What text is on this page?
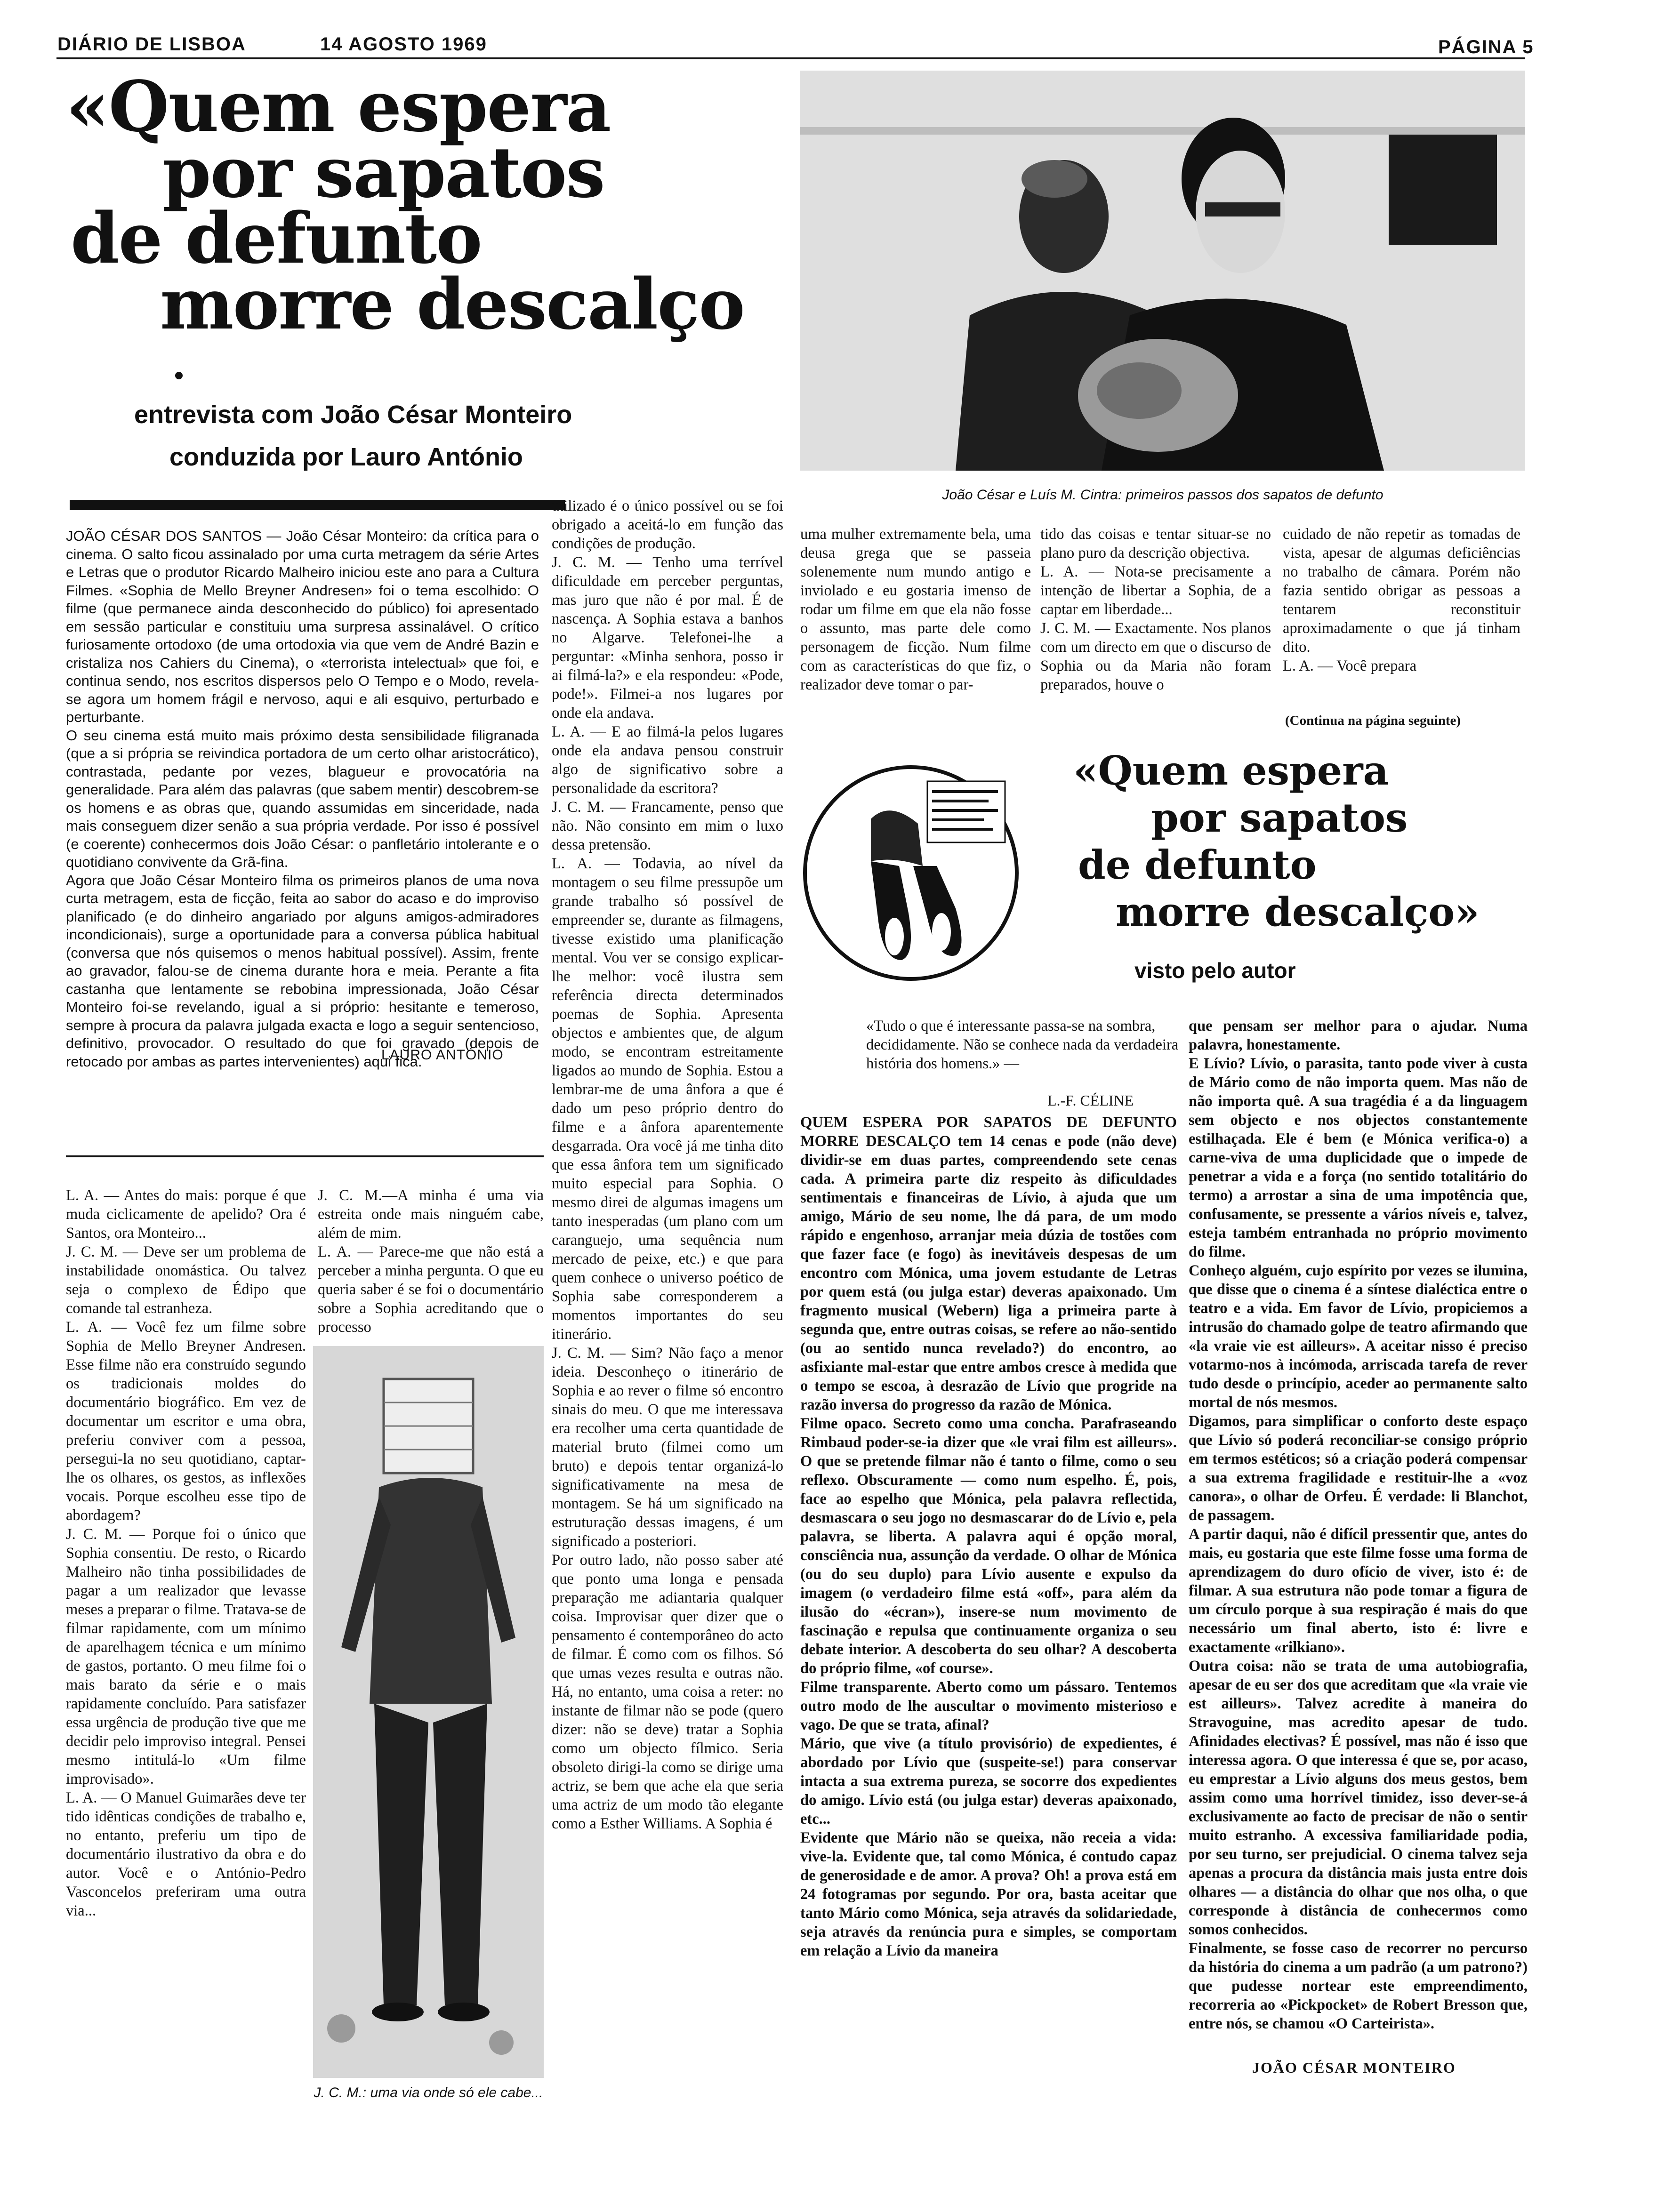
DIÁRIO DE LISBOA	14 AGOSTO 1969	PÁGINA 5
«Quem espera
por sapatos
de defunto
morre descalço
entrevista com João César Monteiro
conduzida por Lauro António
João César e Luís M. Cintra: primeiros passos dos sapatos de defunto
JOÃO CÉSAR DOS SANTOS — João César Monteiro: da crítica para o cinema. O salto ficou assinalado por uma curta metragem da série Artes e Letras que o produtor Ricardo Malheiro iniciou este ano para a Cultura Filmes. «Sophia de Mello Breyner Andresen» foi o tema escolhido: O filme (que permanece ainda desconhecido do público) foi apresentado em sessão particular e constituiu uma surpresa assinalável. O crítico furiosamente ortodoxo (de uma ortodoxia via que vem de André Bazin e cristaliza nos Cahiers du Cinema), o «terrorista intelectual» que foi, e continua sendo, nos escritos dispersos pelo O Tempo e o Modo, revela-se agora um homem frágil e nervoso, aqui e ali esquivo, perturbado e perturbante.
O seu cinema está muito mais próximo desta sensibilidade filigranada (que a si própria se reivindica portadora de um certo olhar aristocrático), contrastada, pedante por vezes, blagueur e provocatória na generalidade. Para além das palavras (que sabem mentir) descobrem-se os homens e as obras que, quando assumidas em sinceridade, nada mais conseguem dizer senão a sua própria verdade. Por isso é possível (e coerente) conhecermos dois João César: o panfletário intolerante e o quotidiano convivente da Grã-fina.
Agora que João César Monteiro filma os primeiros planos de uma nova curta metragem, esta de ficção, feita ao sabor do acaso e do improviso planificado (e do dinheiro angariado por alguns amigos-admiradores incondicionais), surge a oportunidade para a conversa pública habitual (conversa que nós quisemos o menos habitual possível). Assim, frente ao gravador, falou-se de cinema durante hora e meia. Perante a fita castanha que lentamente se rebobina impressionada, João César Monteiro foi-se revelando, igual a si próprio: hesitante e temeroso, sempre à procura da palavra julgada exacta e logo a seguir sentencioso, definitivo, provocador. O resultado do que foi gravado (depois de retocado por ambas as partes intervenientes) aqui fica.
LAURO ANTÓNIO
utilizado é o único possível ou se foi obrigado a aceitá-lo em função das condições de produção.
J. C. M. — Tenho uma terrível dificuldade em perceber perguntas, mas juro que não é por mal. É de nascença. A Sophia estava a banhos no Algarve. Telefonei-lhe a perguntar: «Minha senhora, posso ir ai filmá-la?» e ela respondeu: «Pode, pode!». Filmei-a nos lugares por onde ela andava.
L. A. — E ao filmá-la pelos lugares onde ela andava pensou construir algo de significativo sobre a personalidade da escritora?
J. C. M. — Francamente, penso que não. Não consinto em mim o luxo dessa pretensão.
L. A. — Todavia, ao nível da montagem o seu filme pressupõe um grande trabalho só possível de empreender se, durante as filmagens, tivesse existido uma planificação mental. Vou ver se consigo explicar-lhe melhor: você ilustra sem referência directa determinados poemas de Sophia. Apresenta objectos e ambientes que, de algum modo, se encontram estreitamente ligados ao mundo de Sophia. Estou a lembrar-me de uma ânfora a que é dado um peso próprio dentro do filme e a ânfora aparentemente desgarrada. Ora você já me tinha dito que essa ânfora tem um significado muito especial para Sophia. O mesmo direi de algumas imagens um tanto inesperadas (um plano com um caranguejo, uma sequência num mercado de peixe, etc.) e que para quem conhece o universo poético de Sophia sabe corresponderem a momentos importantes do seu itinerário.
J. C. M. — Sim? Não faço a menor ideia. Desconheço o itinerário de Sophia e ao rever o filme só encontro sinais do meu. O que me interessava era recolher uma certa quantidade de material bruto (filmei como um bruto) e depois tentar organizá-lo significativamente na mesa de montagem. Se há um significado na estruturação dessas imagens, é um significado a posteriori.
Por outro lado, não posso saber até que ponto uma longa e pensada preparação me adiantaria qualquer coisa. Improvisar quer dizer que o pensamento é contemporâneo do acto de filmar. É como com os filhos. Só que umas vezes resulta e outras não. Há, no entanto, uma coisa a reter: no instante de filmar não se pode (quero dizer: não se deve) tratar a Sophia como um objecto fílmico. Seria obsoleto dirigi-la como se dirige uma actriz, se bem que ache ela que seria uma actriz de um modo tão elegante como a Esther Williams. A Sophia é
uma mulher extremamente bela, uma deusa grega que se passeia solenemente num mundo antigo e inviolado e eu gostaria imenso de rodar um filme em que ela não fosse o assunto, mas parte dele como personagem de ficção. Num filme com as características do que fiz, o realizador deve tomar o par-
tido das coisas e tentar situar-se no plano puro da descrição objectiva.
L. A. — Nota-se precisamente a intenção de libertar a Sophia, de a captar em liberdade...
J. C. M. — Exactamente. Nos planos com um directo em que o discurso de Sophia ou da Maria não foram preparados, houve o
cuidado de não repetir as tomadas de vista, apesar de algumas deficiências no trabalho de câmara. Porém não fazia sentido obrigar as pessoas a tentarem reconstituir aproximadamente o que já tinham dito.
L. A. — Você prepara
(Continua na página seguinte)
«Quem espera
por sapatos
de defunto
morre descalço»
visto pelo autor
«Tudo o que é interessante passa-se na sombra, decididamente. Não se conhece nada da verdadeira história dos homens.» —
L.-F. CÉLINE
QUEM ESPERA POR SAPATOS DE DEFUNTO MORRE DESCALÇO tem 14 cenas e pode (não deve) dividir-se em duas partes, compreendendo sete cenas cada. A primeira parte diz respeito às dificuldades sentimentais e financeiras de Lívio, à ajuda que um amigo, Mário de seu nome, lhe dá para, de um modo rápido e engenhoso, arranjar meia dúzia de tostões com que fazer face (e fogo) às inevitáveis despesas de um encontro com Mónica, uma jovem estudante de Letras por quem está (ou julga estar) deveras apaixonado. Um fragmento musical (Webern) liga a primeira parte à segunda que, entre outras coisas, se refere ao não-sentido (ou ao sentido nunca revelado?) do encontro, ao asfixiante mal-estar que entre ambos cresce à medida que o tempo se escoa, à desrazão de Lívio que progride na razão inversa do progresso da razão de Mónica.
Filme opaco. Secreto como uma concha. Parafraseando Rimbaud poder-se-ia dizer que «le vrai film est ailleurs». O que se pretende filmar não é tanto o filme, como o seu reflexo. Obscuramente — como num espelho. É, pois, face ao espelho que Mónica, pela palavra reflectida, desmascara o seu jogo no desmascarar do de Lívio e, pela palavra, se liberta. A palavra aqui é opção moral, consciência nua, assunção da verdade. O olhar de Mónica (ou do seu duplo) para Lívio ausente e expulso da imagem (o verdadeiro filme está «off», para além da ilusão do «écran»), insere-se num movimento de fascinação e repulsa que continuamente organiza o seu debate interior. A descoberta do seu olhar? A descoberta do próprio filme, «of course».
Filme transparente. Aberto como um pássaro. Tentemos outro modo de lhe auscultar o movimento misterioso e vago. De que se trata, afinal?
Mário, que vive (a título provisório) de expedientes, é abordado por Lívio que (suspeite-se!) para conservar intacta a sua extrema pureza, se socorre dos expedientes do amigo. Lívio está (ou julga estar) deveras apaixonado, etc...
Evidente que Mário não se queixa, não receia a vida: vive-la. Evidente que, tal como Mónica, é contudo capaz de generosidade e de amor. A prova? Oh! a prova está em 24 fotogramas por segundo. Por ora, basta aceitar que tanto Mário como Mónica, seja através da solidariedade, seja através da renúncia pura e simples, se comportam em relação a Lívio da maneira
que pensam ser melhor para o ajudar. Numa palavra, honestamente.
E Lívio? Lívio, o parasita, tanto pode viver à custa de Mário como de não importa quem. Mas não de não importa quê. A sua tragédia é a da linguagem sem objecto e nos objectos constantemente estilhaçada. Ele é bem (e Mónica verifica-o) a carne-viva de uma duplicidade que o impede de penetrar a vida e a força (no sentido totalitário do termo) a arrostar a sina de uma impotência que, confusamente, se pressente a vários níveis e, talvez, esteja também entranhada no próprio movimento do filme.
Conheço alguém, cujo espírito por vezes se ilumina, que disse que o cinema é a síntese dialéctica entre o teatro e a vida. Em favor de Lívio, propiciemos a intrusão do chamado golpe de teatro afirmando que «la vraie vie est ailleurs». A aceitar nisso é preciso votarmo-nos à incómoda, arriscada tarefa de rever tudo desde o princípio, aceder ao permanente salto mortal de nós mesmos.
Digamos, para simplificar o conforto deste espaço que Lívio só poderá reconciliar-se consigo próprio em termos estéticos; só a criação poderá compensar a sua extrema fragilidade e restituir-lhe a «voz canora», o olhar de Orfeu. É verdade: li Blanchot, de passagem.
A partir daqui, não é difícil pressentir que, antes do mais, eu gostaria que este filme fosse uma forma de aprendizagem do duro ofício de viver, isto é: de filmar. A sua estrutura não pode tomar a figura de um círculo porque à sua respiração é mais do que necessário um final aberto, isto é: livre e exactamente «rilkiano».
Outra coisa: não se trata de uma autobiografia, apesar de eu ser dos que acreditam que «la vraie vie est ailleurs». Talvez acredite à maneira do Stravoguine, mas acredito apesar de tudo. Afinidades electivas? É possível, mas não é isso que interessa agora. O que interessa é que se, por acaso, eu emprestar a Lívio alguns dos meus gestos, bem assim como uma horrível timidez, isso dever-se-á exclusivamente ao facto de precisar de não o sentir muito estranho. A excessiva familiaridade podia, por seu turno, ser prejudicial. O cinema talvez seja apenas a procura da distância mais justa entre dois olhares — a distância do olhar que nos olha, o que corresponde à distância de conhecermos como somos conhecidos.
Finalmente, se fosse caso de recorrer no percurso da história do cinema a um padrão (a um patrono?) que pudesse nortear este empreendimento, recorreria ao «Pickpocket» de Robert Bresson que, entre nós, se chamou «O Carteirista».
JOÃO CÉSAR MONTEIRO
L. A. — Antes do mais: porque é que muda ciclicamente de apelido? Ora é Santos, ora Monteiro...
J. C. M. — Deve ser um problema de instabilidade onomástica. Ou talvez seja o complexo de Édipo que comande tal estranheza.
L. A. — Você fez um filme sobre Sophia de Mello Breyner Andresen. Esse filme não era construído segundo os tradicionais moldes do documentário biográfico. Em vez de documentar um escritor e uma obra, preferiu conviver com a pessoa, persegui-la no seu quotidiano, captar-lhe os olhares, os gestos, as inflexões vocais. Porque escolheu esse tipo de abordagem?
J. C. M. — Porque foi o único que Sophia consentiu. De resto, o Ricardo Malheiro não tinha possibilidades de pagar a um realizador que levasse meses a preparar o filme. Tratava-se de filmar rapidamente, com um mínimo de aparelhagem técnica e um mínimo de gastos, portanto. O meu filme foi o mais barato da série e o mais rapidamente concluído. Para satisfazer essa urgência de produção tive que me decidir pelo improviso integral. Pensei mesmo intitulá-lo «Um filme improvisado».
L. A. — O Manuel Guimarães deve ter tido idênticas condições de trabalho e, no entanto, preferiu um tipo de documentário ilustrativo da obra e do autor. Você e o António-Pedro Vasconcelos preferiram uma outra via...
J. C. M.—A minha é uma via estreita onde mais ninguém cabe, além de mim.
L. A. — Parece-me que não está a perceber a minha pergunta. O que eu queria saber é se foi o documentário sobre a Sophia acreditando que o processo
J. C. M.: uma via onde só ele cabe...
